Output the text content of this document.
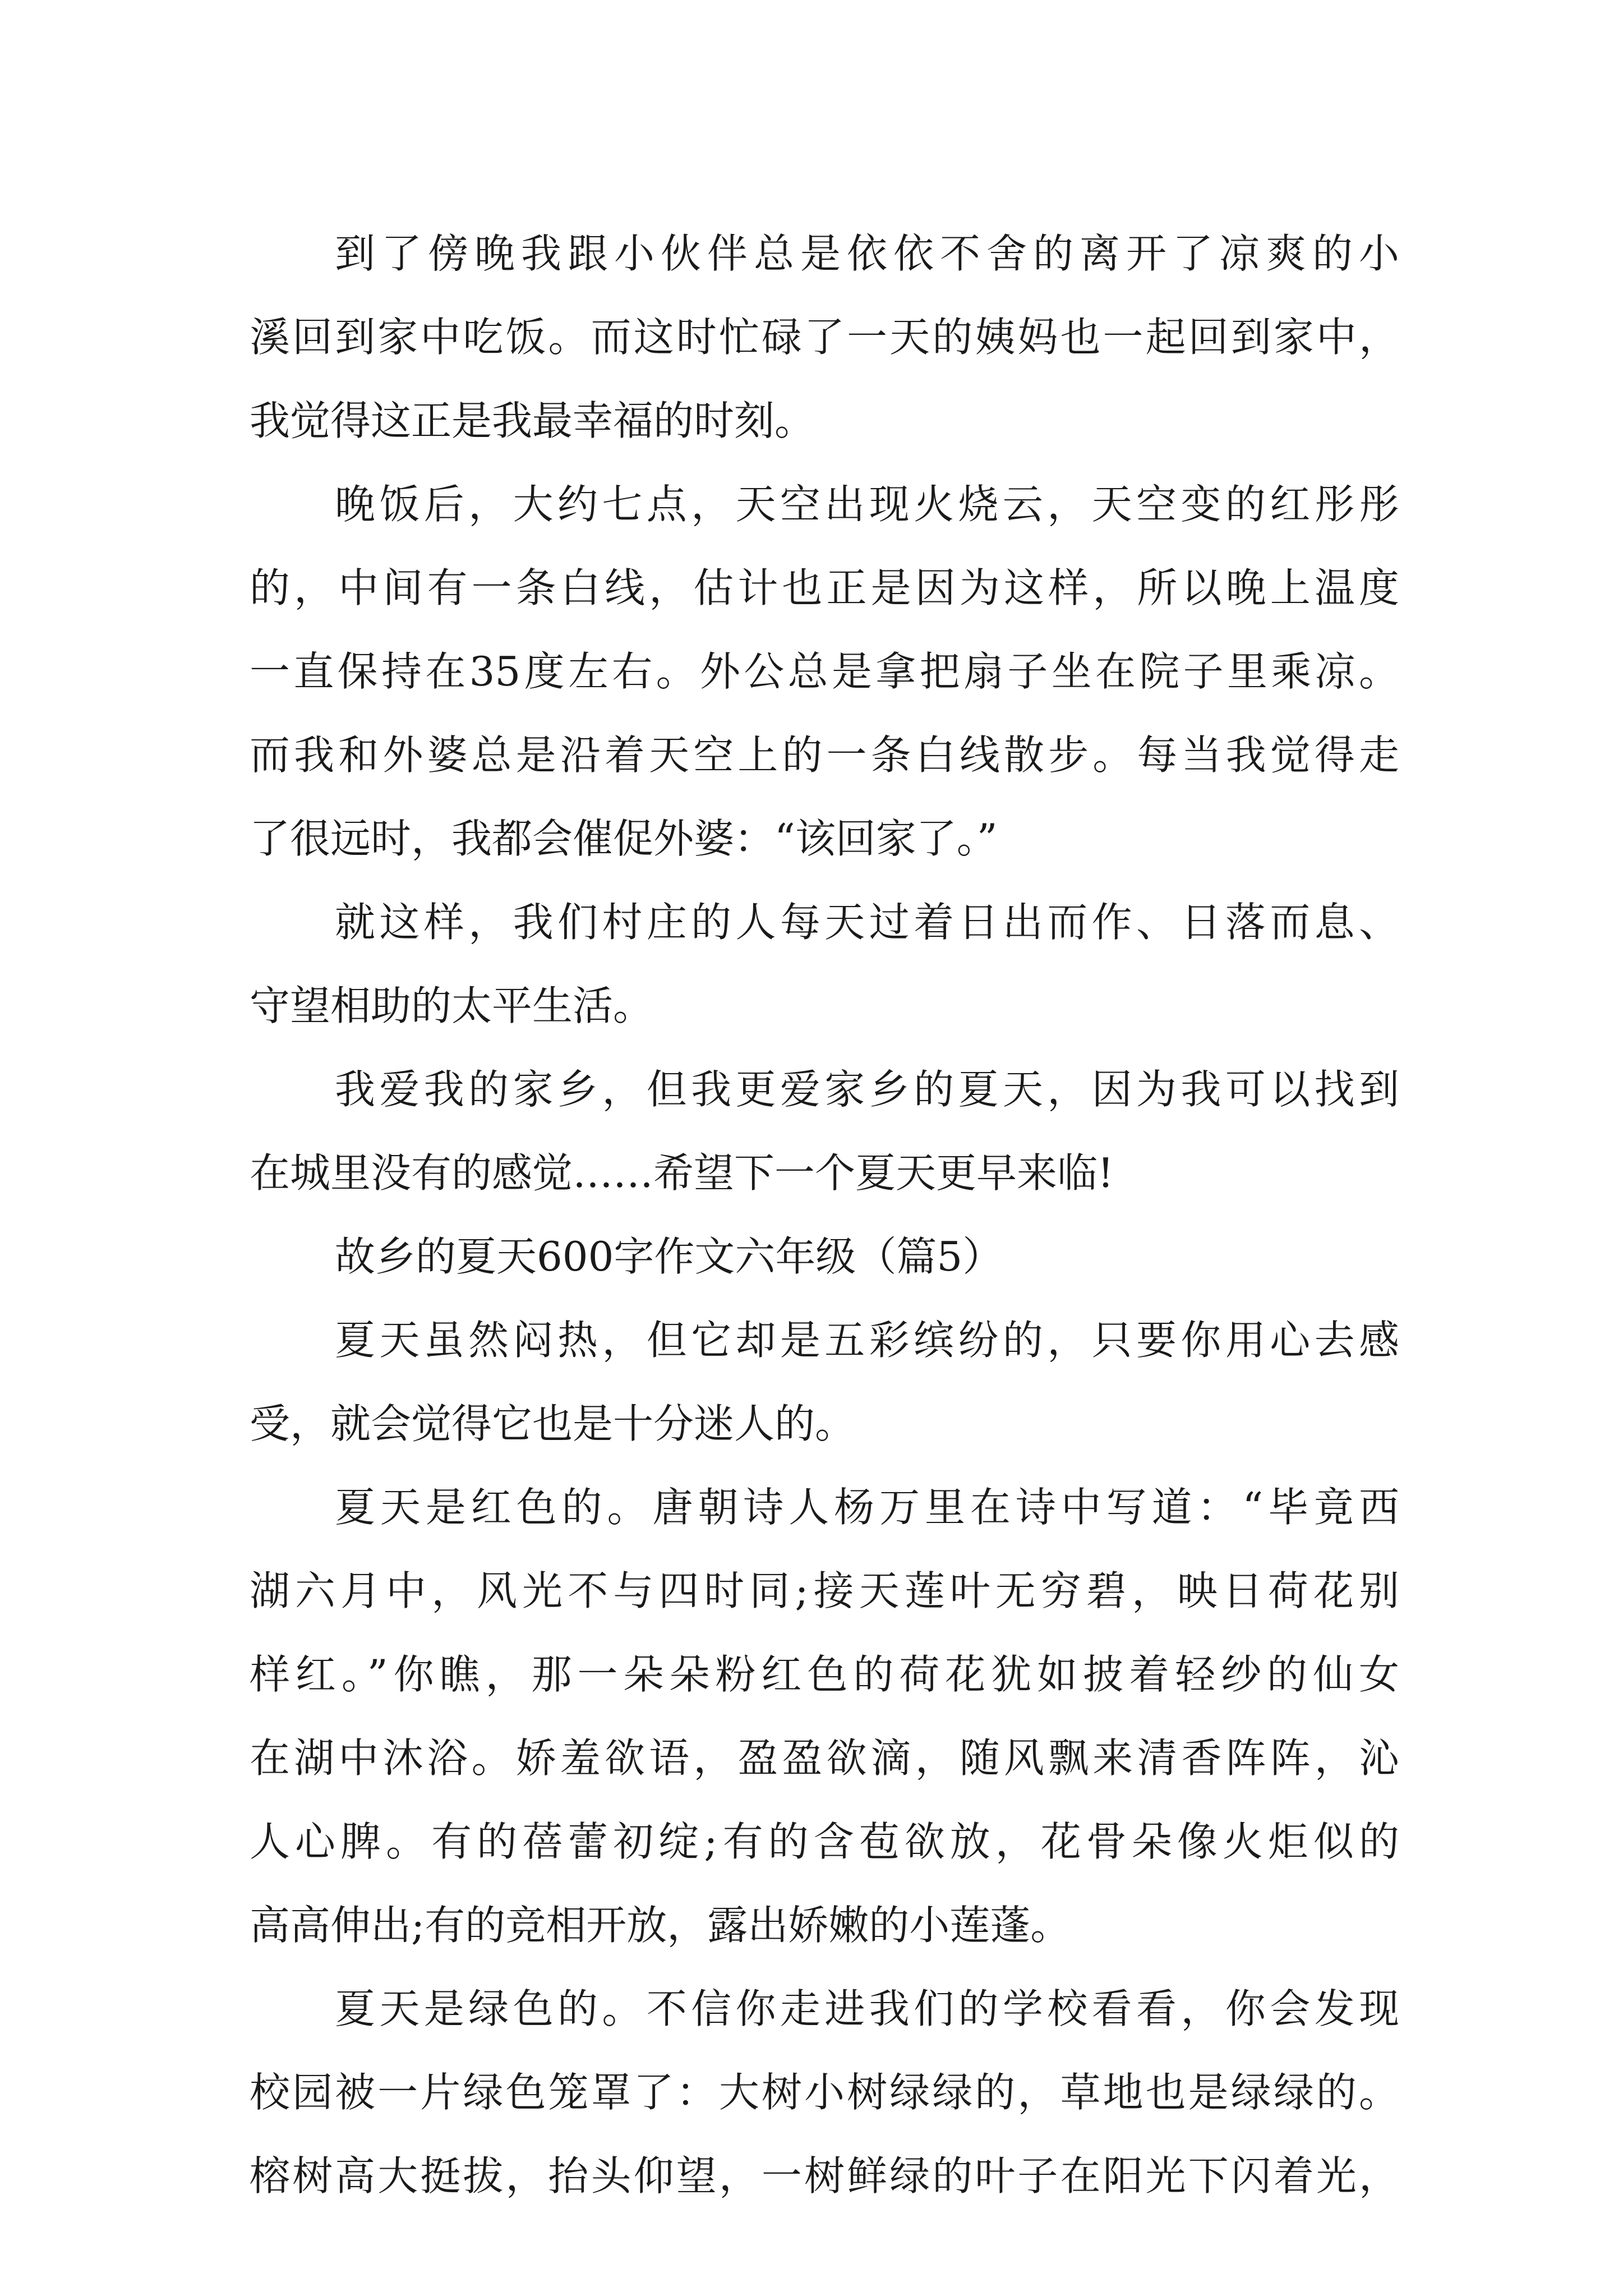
到了傍晚我跟小伙伴总是依依不舍的离开了凉爽的小
溪回到家中吃饭。而这时忙碌了一天的姨妈也一起回到家中，
我觉得这正是我最幸福的时刻。
晚饭后，大约七点，天空出现火烧云，天空变的红彤彤
的，中间有一条白线，估计也正是因为这样，所以晚上温度
一直保持在35度左右。外公总是拿把扇子坐在院子里乘凉。
而我和外婆总是沿着天空上的一条白线散步。每当我觉得走
了很远时，我都会催促外婆：“该回家了。”
就这样，我们村庄的人每天过着日出而作、日落而息、
守望相助的太平生活。
我爱我的家乡，但我更爱家乡的夏天，因为我可以找到
在城里没有的感觉……希望下一个夏天更早来临!
故乡的夏天600字作文六年级（篇5）
夏天虽然闷热，但它却是五彩缤纷的，只要你用心去感
受，就会觉得它也是十分迷人的。
夏天是红色的。唐朝诗人杨万里在诗中写道：“毕竟西
湖六月中，风光不与四时同;接天莲叶无穷碧，映日荷花别
样红。”你瞧，那一朵朵粉红色的荷花犹如披着轻纱的仙女
在湖中沐浴。娇羞欲语，盈盈欲滴，随风飘来清香阵阵，沁
人心脾。有的蓓蕾初绽;有的含苞欲放，花骨朵像火炬似的
高高伸出;有的竞相开放，露出娇嫩的小莲蓬。
夏天是绿色的。不信你走进我们的学校看看，你会发现
校园被一片绿色笼罩了：大树小树绿绿的，草地也是绿绿的。
榕树高大挺拔，抬头仰望，一树鲜绿的叶子在阳光下闪着光，
